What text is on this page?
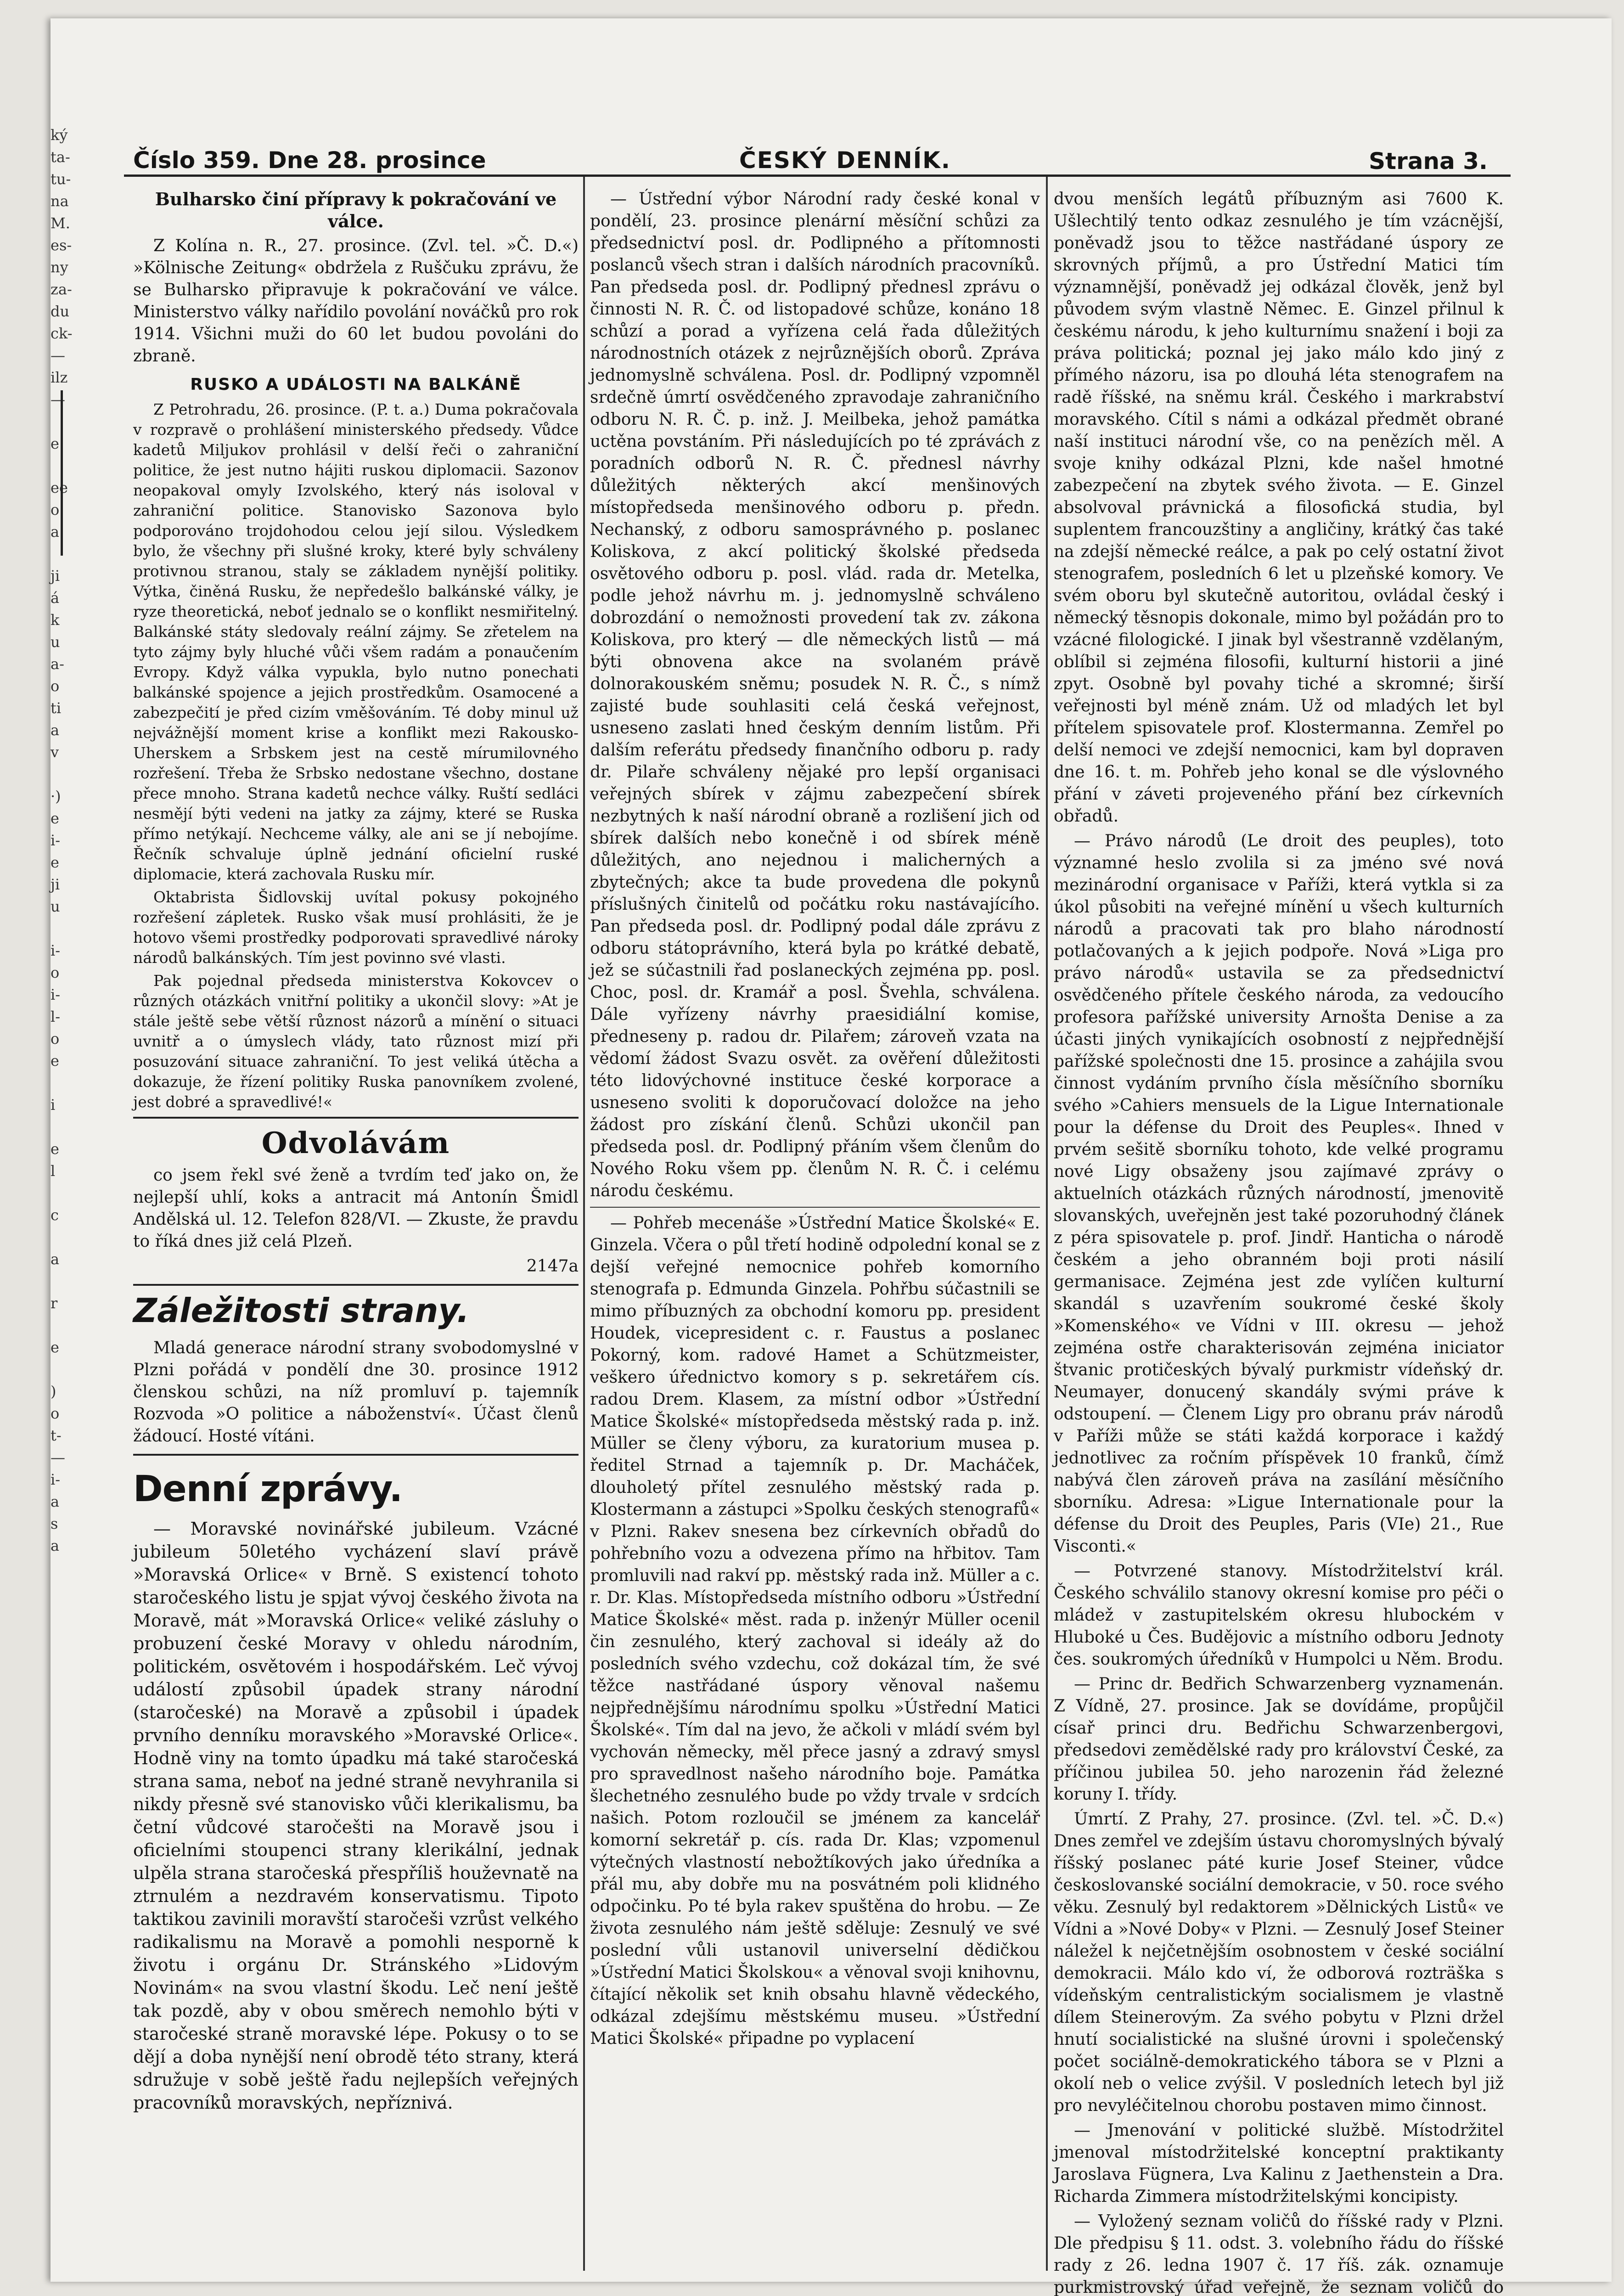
ký
ta-
tu-
na
M.
es-
ny
za-
du
ck-
—
ilz
—

e

ee
o
a

ji
á
k
u
a-
o
ti
a
v

·)
e
i-
e
ji
u

i-
o
i-
l-
o
e

i

e
l

c

a

r

e

)
o
t-
—
i-
a
s
a
Číslo 359. Dne 28. prosince	ČESKÝ DENNÍK.	Strana 3.

Bulharsko činí přípravy k pokračování ve válce.

Z Kolína n. R., 27. prosince. (Zvl. tel. »Č. D.«) »Kölnische Zeitung« obdržela z Ruščuku zprávu, že se Bulharsko připravuje k pokračování ve válce. Ministerstvo války nařídilo povolání nováčků pro rok 1914. Všichni muži do 60 let budou povoláni do zbraně.

RUSKO A UDÁLOSTI NA BALKÁNĚ

Z Petrohradu, 26. prosince. (P. t. a.) Duma pokračovala v rozpravě o prohlášení ministerského předsedy. Vůdce kadetů Miljukov prohlásil v delší řeči o zahraniční politice, že jest nutno hájiti ruskou diplomacii. Sazonov neopakoval omyly Izvolského, který nás isoloval v zahraniční politice. Stanovisko Sazonova bylo podporováno trojdohodou celou její silou. Výsledkem bylo, že všechny při slušné kroky, které byly schváleny protivnou stranou, staly se základem nynější politiky. Výtka, činěná Rusku, že nepředešlo balkánské války, je ryze theoretická, neboť jednalo se o konflikt nesmiřitelný. Balkánské státy sledovaly reální zájmy. Se zřetelem na tyto zájmy byly hluché vůči všem radám a ponaučením Evropy. Když válka vypukla, bylo nutno ponechati balkánské spojence a jejich prostředkům. Osamocené a zabezpečití je před cizím vměšováním. Té doby minul už nejvážnější moment krise a konflikt mezi Rakousko-Uherskem a Srbskem jest na cestě mírumilovného rozřešení. Třeba že Srbsko nedostane všechno, dostane přece mnoho. Strana kadetů nechce války. Ruští sedláci nesmějí býti vedeni na jatky za zájmy, které se Ruska přímo netýkají. Nechceme války, ale ani se jí nebojíme. Řečník schvaluje úplně jednání oficielní ruské diplomacie, která zachovala Rusku mír.

Oktabrista Šidlovskij uvítal pokusy pokojného rozřešení zápletek. Rusko však musí prohlásiti, že je hotovo všemi prostředky podporovati spravedlivé nároky národů balkánských. Tím jest povinno své vlasti.

Pak pojednal předseda ministerstva Kokovcev o různých otázkách vnitřní politiky a ukončil slovy: »At je stále ještě sebe větší různost názorů a mínění o situaci uvnitř a o úmyslech vlády, tato různost mizí při posuzování situace zahraniční. To jest veliká útěcha a dokazuje, že řízení politiky Ruska panovníkem zvolené, jest dobré a spravedlivé!«

Odvolávám

co jsem řekl své ženě a tvrdím teď jako on, že nejlepší uhlí, koks a antracit má Antonín Šmidl Andělská ul. 12. Telefon 828/VI. — Zkuste, že pravdu to říká dnes již celá Plzeň.

2147a

Záležitosti strany.

Mladá generace národní strany svobodomyslné v Plzni pořádá v pondělí dne 30. prosince 1912 členskou schůzi, na níž promluví p. tajemník Rozvoda »O politice a náboženství«. Účast členů žádoucí. Hosté vítáni.

Denní zprávy.

— Moravské novinářské jubileum. Vzácné jubileum 50letého vycházení slaví právě »Moravská Orlice« v Brně. S existencí tohoto staročeského listu je spjat vývoj českého života na Moravě, mát »Moravská Orlice« veliké zásluhy o probuzení české Moravy v ohledu národním, politickém, osvětovém i hospodářském. Leč vývoj událostí způsobil úpadek strany národní (staročeské) na Moravě a způsobil i úpadek prvního denníku moravského »Moravské Orlice«. Hodně viny na tomto úpadku má také staročeská strana sama, neboť na jedné straně nevyhranila si nikdy přesně své stanovisko vůči klerikalismu, ba četní vůdcové staročešti na Moravě jsou i oficielními stoupenci strany klerikální, jednak ulpěla strana staročeská přespříliš houževnatě na ztrnulém a nezdravém konservatismu. Tipoto taktikou zavinili moravští staročeši vzrůst velkého radikalismu na Moravě a pomohli nesporně k životu i orgánu Dr. Stránského »Lidovým Novinám« na svou vlastní škodu. Leč není ještě tak pozdě, aby v obou směrech nemohlo býti v staročeské straně moravské lépe. Pokusy o to se dějí a doba nynější není obrodě této strany, která sdružuje v sobě ještě řadu nejlepších veřejných pracovníků moravských, nepříznivá.

— Ústřední výbor Národní rady české konal v pondělí, 23. prosince plenární měsíční schůzi za předsednictví posl. dr. Podlipného a přítomnosti poslanců všech stran i dalších národních pracovníků. Pan předseda posl. dr. Podlipný přednesl zprávu o činnosti N. R. Č. od listopadové schůze, konáno 18 schůzí a porad a vyřízena celá řada důležitých národnostních otázek z nejrůznějších oborů. Zpráva jednomyslně schválena. Posl. dr. Podlipný vzpomněl srdečně úmrtí osvědčeného zpravodaje zahraničního odboru N. R. Č. p. inž. J. Meilbeka, jehož památka uctěna povstáním. Při následujících po té zprávách z poradních odborů N. R. Č. přednesl návrhy důležitých některých akcí menšinových místopředseda menšinového odboru p. předn. Nechanský, z odboru samosprávného p. poslanec Koliskova, z akcí politický školské předseda osvětového odboru p. posl. vlád. rada dr. Metelka, podle jehož návrhu m. j. jednomyslně schváleno dobrozdání o nemožnosti provedení tak zv. zákona Koliskova, pro který — dle německých listů — má býti obnovena akce na svolaném právě dolnorakouském sněmu; posudek N. R. Č., s nímž zajisté bude souhlasiti celá česká veřejnost, usneseno zaslati hned českým denním listům. Při dalším referátu předsedy finančního odboru p. rady dr. Pilaře schváleny nějaké pro lepší organisaci veřejných sbírek v zájmu zabezpečení sbírek nezbytných k naší národní obraně a rozlišení jich od sbírek dalších nebo konečně i od sbírek méně důležitých, ano nejednou i malicherných a zbytečných; akce ta bude provedena dle pokynů příslušných činitelů od počátku roku nastávajícího. Pan předseda posl. dr. Podlipný podal dále zprávu z odboru státoprávního, která byla po krátké debatě, jež se súčastnili řad poslaneckých zejména pp. posl. Choc, posl. dr. Kramář a posl. Švehla, schválena. Dále vyřízeny návrhy praesidiální komise, předneseny p. radou dr. Pilařem; zároveň vzata na vědomí žádost Svazu osvět. za ověření důležitosti této lidovýchovné instituce české korporace a usneseno svoliti k doporučovací doložce na jeho žádost pro získání členů. Schůzi ukončil pan předseda posl. dr. Podlipný přáním všem členům do Nového Roku všem pp. členům N. R. Č. i celému národu českému.

— Pohřeb mecenáše »Ústřední Matice Školské« E. Ginzela. Včera o půl třetí hodině odpolední konal se z dejší veřejné nemocnice pohřeb komorního stenografa p. Edmunda Ginzela. Pohřbu súčastnili se mimo příbuzných za obchodní komoru pp. president Houdek, vicepresident c. r. Faustus a poslanec Pokorný, kom. radové Hamet a Schützmeister, veškero úřednictvo komory s p. sekretářem cís. radou Drem. Klasem, za místní odbor »Ústřední Matice Školské« místopředseda městský rada p. inž. Müller se členy výboru, za kuratorium musea p. ředitel Strnad a tajemník p. Dr. Macháček, dlouholetý přítel zesnulého městský rada p. Klostermann a zástupci »Spolku českých stenografů« v Plzni. Rakev snesena bez církevních obřadů do pohřebního vozu a odvezena přímo na hřbitov. Tam promluvili nad rakví pp. městský rada inž. Müller a c. r. Dr. Klas. Místopředseda místního odboru »Ústřední Matice Školské« měst. rada p. inženýr Müller ocenil čin zesnulého, který zachoval si ideály až do posledních svého vzdechu, což dokázal tím, že své těžce nastřádané úspory věnoval našemu nejpřednějšímu národnímu spolku »Ústřední Matici Školské«. Tím dal na jevo, že ačkoli v mládí svém byl vychován německy, měl přece jasný a zdravý smysl pro spravedlnost našeho národního boje. Památka šlechetného zesnulého bude po vždy trvale v srdcích našich. Potom rozloučil se jménem za kancelář komorní sekretář p. cís. rada Dr. Klas; vzpomenul výtečných vlastností nebožtíkových jako úředníka a přál mu, aby dobře mu na posvátném poli klidného odpočinku. Po té byla rakev spuštěna do hrobu. — Ze života zesnulého nám ještě sděluje: Zesnulý ve své poslední vůli ustanovil universelní dědičkou »Ústřední Matici Školskou« a věnoval svoji knihovnu, čítající několik set knih obsahu hlavně vědeckého, odkázal zdejšímu městskému museu. »Ústřední Matici Školské« připadne po vyplacení

dvou menších legátů příbuzným asi 7600 K. Ušlechtilý tento odkaz zesnulého je tím vzácnější, poněvadž jsou to těžce nastřádané úspory ze skrovných příjmů, a pro Ústřední Matici tím významnější, poněvadž jej odkázal člověk, jenž byl původem svým vlastně Němec. E. Ginzel přilnul k českému národu, k jeho kulturnímu snažení i boji za práva politická; poznal jej jako málo kdo jiný z přímého názoru, isa po dlouhá léta stenografem na radě říšské, na sněmu král. Českého i markrabství moravského. Cítil s námi a odkázal předmět obrané naší instituci národní vše, co na penězích měl. A svoje knihy odkázal Plzni, kde našel hmotné zabezpečení na zbytek svého života. — E. Ginzel absolvoval právnická a filosofická studia, byl suplentem francouzštiny a angličiny, krátký čas také na zdejší německé reálce, a pak po celý ostatní život stenografem, posledních 6 let u plzeňské komory. Ve svém oboru byl skutečně autoritou, ovládal český i německý těsnopis dokonale, mimo byl požádán pro to vzácné filologické. I jinak byl všestranně vzdělaným, oblíbil si zejména filosofii, kulturní historii a jiné zpyt. Osobně byl povahy tiché a skromné; širší veřejnosti byl méně znám. Už od mladých let byl přítelem spisovatele prof. Klostermanna. Zemřel po delší nemoci ve zdejší nemocnici, kam byl dopraven dne 16. t. m. Pohřeb jeho konal se dle výslovného přání v záveti projeveného přání bez církevních obřadů.

— Právo národů (Le droit des peuples), toto významné heslo zvolila si za jméno své nová mezinárodní organisace v Paříži, která vytkla si za úkol působiti na veřejné mínění u všech kulturních národů a pracovati tak pro blaho národností potlačovaných a k jejich podpoře. Nová »Liga pro právo národů« ustavila se za předsednictví osvědčeného přítele českého národa, za vedoucího profesora pařížské university Arnošta Denise a za účasti jiných vynikajících osobností z nejpřednější pařížské společnosti dne 15. prosince a zahájila svou činnost vydáním prvního čísla měsíčního sborníku svého »Cahiers mensuels de la Ligue Internationale pour la défense du Droit des Peuples«. Ihned v prvém sešitě sborníku tohoto, kde velké programu nové Ligy obsaženy jsou zajímavé zprávy o aktuelních otázkách různých národností, jmenovitě slovanských, uveřejněn jest také pozoruhodný článek z péra spisovatele p. prof. Jindř. Hanticha o národě českém a jeho obranném boji proti násilí germanisace. Zejména jest zde vylíčen kulturní skandál s uzavřením soukromé české školy »Komenského« ve Vídni v III. okresu — jehož zejména ostře charakterisován zejména iniciator štvanic protičeských bývalý purkmistr vídeňský dr. Neumayer, donucený skandály svými práve k odstoupení. — Členem Ligy pro obranu práv národů v Paříži může se státi každá korporace i každý jednotlivec za ročním příspěvek 10 franků, čímž nabývá člen zároveň práva na zasílání měsíčního sborníku. Adresa: »Ligue Internationale pour la défense du Droit des Peuples, Paris (VIe) 21., Rue Visconti.«

— Potvrzené stanovy. Místodržitelství král. Českého schválilo stanovy okresní komise pro péči o mládež v zastupitelském okresu hlubockém v Hluboké u Čes. Budějovic a místního odboru Jednoty čes. soukromých úředníků v Humpolci u Něm. Brodu.

— Princ dr. Bedřich Schwarzenberg vyznamenán. Z Vídně, 27. prosince. Jak se dovídáme, propůjčil císař princi dru. Bedřichu Schwarzenbergovi, předsedovi zemědělské rady pro království České, za příčinou jubilea 50. jeho narozenin řád železné koruny I. třídy.

Úmrtí. Z Prahy, 27. prosince. (Zvl. tel. »Č. D.«) Dnes zemřel ve zdejším ústavu choromyslných bývalý říšský poslanec páté kurie Josef Steiner, vůdce českoslovanské sociální demokracie, v 50. roce svého věku. Zesnulý byl redaktorem »Dělnických Listů« ve Vídni a »Nové Doby« v Plzni. — Zesnulý Josef Steiner náležel k nejčetnějším osobnostem v české sociální demokracii. Málo kdo ví, že odborová rozträška s vídeňským centralistickým socialismem je vlastně dílem Steinerovým. Za svého pobytu v Plzni držel hnutí socialistické na slušné úrovni i společenský počet sociálně-demokratického tábora se v Plzni a okolí neb o velice zvýšil. V posledních letech byl již pro nevyléčitelnou chorobu postaven mimo činnost.

— Jmenování v politické službě. Místodržitel jmenoval místodržitelské konceptní praktikanty Jaroslava Fügnera, Lva Kalinu z Jaethenstein a Dra. Richarda Zimmera místodržitelskými koncipisty.

— Vyložený seznam voličů do říšské rady v Plzni. Dle předpisu § 11. odst. 3. volebního řádu do říšské rady z 26. ledna 1907 č. 17 říš. zák. oznamuje purkmistrovský úřad veřejně, že seznam voličů do
